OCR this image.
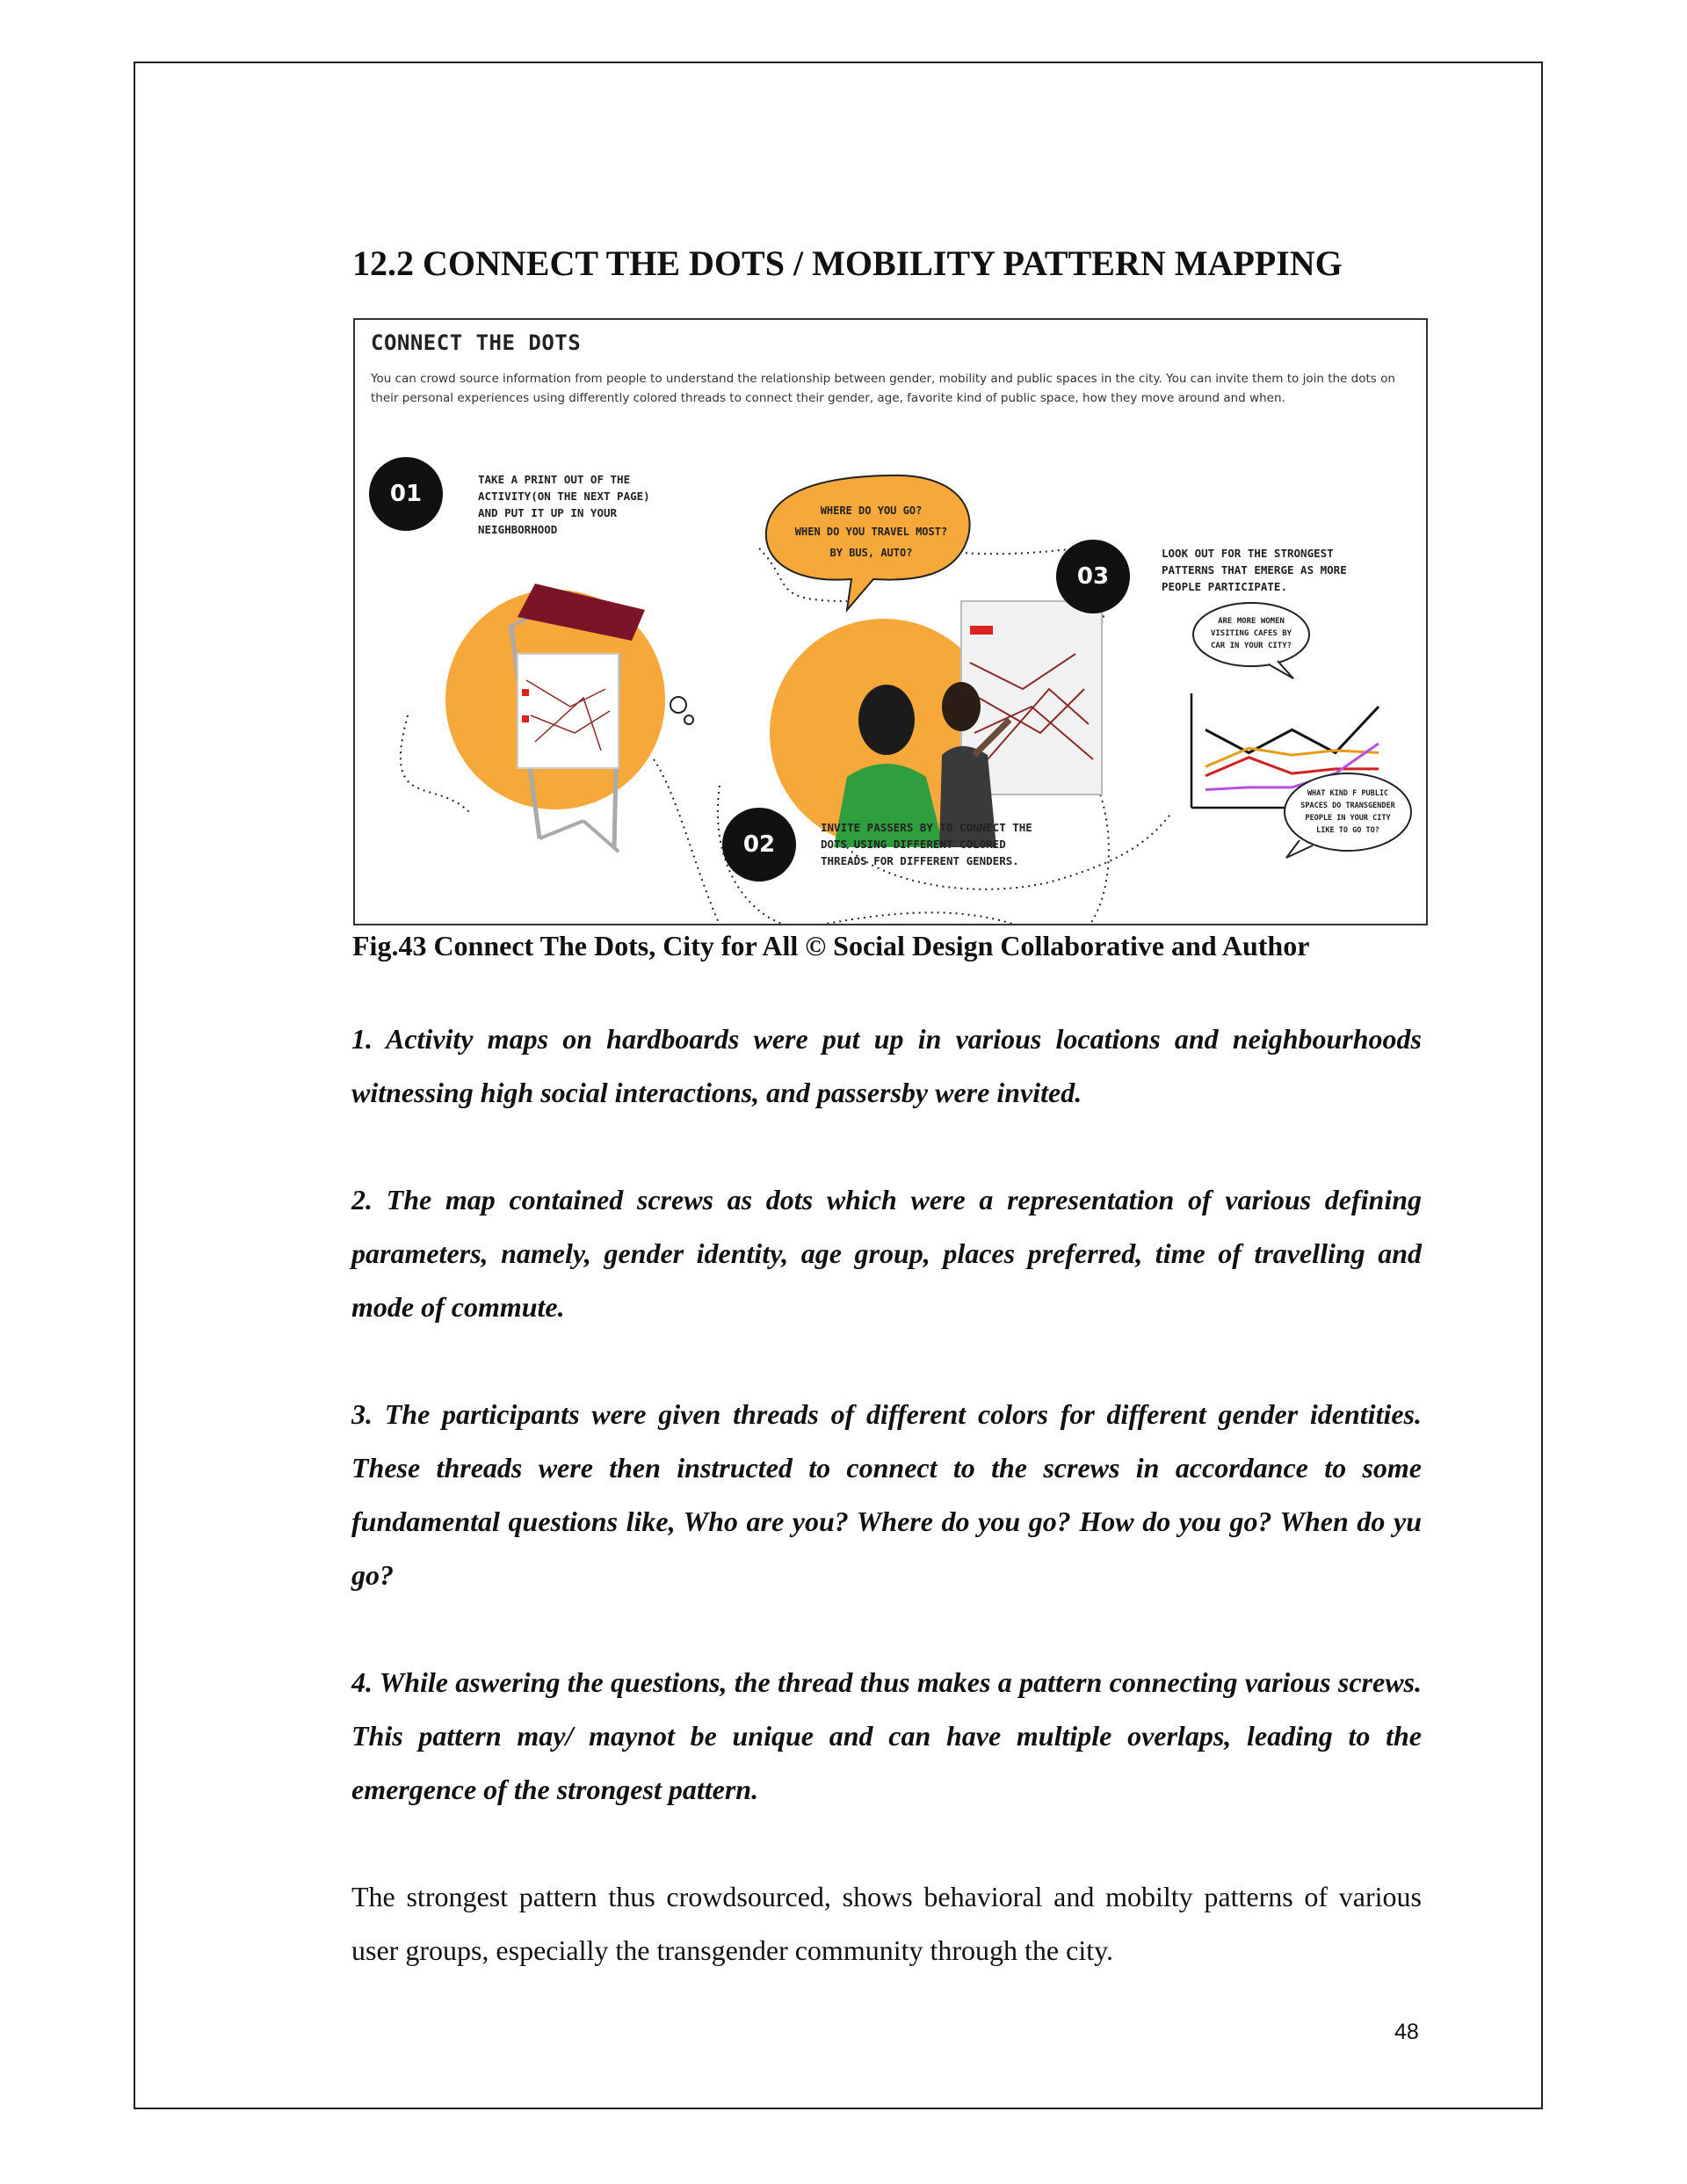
12.2 CONNECT THE DOTS / MOBILITY PATTERN MAPPING
CONNECT THE DOTS
You can crowd source information from people to understand the relationship between gender, mobility and public spaces in the city. You can invite them to join the dots on their personal experiences using differently colored threads to connect their gender, age, favorite kind of public space, how they move around and when.
01
TAKE A PRINT OUT OF THE ACTIVITY(ON THE NEXT PAGE) AND PUT IT UP IN YOUR NEIGHBORHOOD
02
INVITE PASSERS BY TO CONNECT THE DOTS USING DIFFERENT COLORED THREADS FOR DIFFERENT GENDERS.
03
LOOK OUT FOR THE STRONGEST PATTERNS THAT EMERGE AS MORE PEOPLE PARTICIPATE.
WHERE DO YOU GO?
WHEN DO YOU TRAVEL MOST?
BY BUS, AUTO?
ARE MORE WOMEN VISITING CAFES BY CAR IN YOUR CITY?
WHAT KIND F PUBLIC SPACES DO TRANSGENDER PEOPLE IN YOUR CITY LIKE TO GO TO?

Fig.43 Connect The Dots, City for All © Social Design Collaborative and Author

1. Activity maps on hardboards were put up in various locations and neighbourhoods witnessing high social interactions, and passersby were invited.

2. The map contained screws as dots which were a representation of various defining parameters, namely, gender identity, age group, places preferred, time of travelling and mode of commute.

3. The participants were given threads of different colors for different gender identities. These threads were then instructed to connect to the screws in accordance to some fundamental questions like, Who are you? Where do you go? How do you go? When do yu go?

4. While aswering the questions, the thread thus makes a pattern connecting various screws. This pattern may/ maynot be unique and can have multiple overlaps, leading to the emergence of the strongest pattern.

The strongest pattern thus crowdsourced, shows behavioral and mobilty patterns of various user groups, especially the transgender community through the city.

48
